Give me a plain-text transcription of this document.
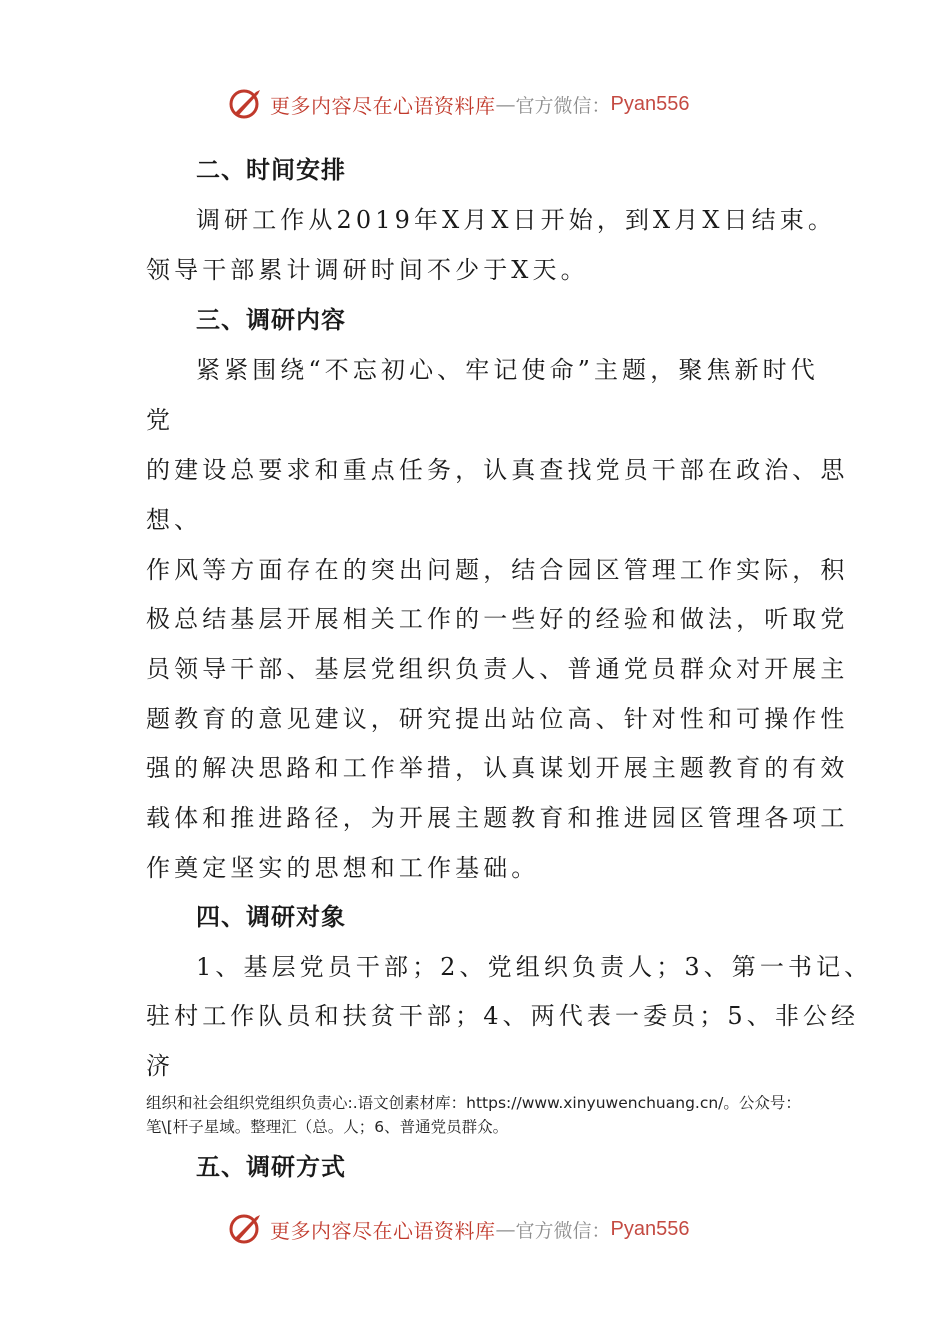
更多内容尽在心语资料库 — 官方微信： Pyan556
二、时间安排
调研工作从2019年X月X日开始，到X月X日结束。
领导干部累计调研时间不少于X天。
三、调研内容
紧紧围绕“不忘初心、牢记使命”主题，聚焦新时代
党
的建设总要求和重点任务，认真查找党员干部在政治、思
想、
作风等方面存在的突出问题，结合园区管理工作实际，积
极总结基层开展相关工作的一些好的经验和做法，听取党
员领导干部、基层党组织负责人、普通党员群众对开展主
题教育的意见建议，研究提出站位高、针对性和可操作性
强的解决思路和工作举措，认真谋划开展主题教育的有效
载体和推进路径，为开展主题教育和推进园区管理各项工
作奠定坚实的思想和工作基础。
四、调研对象
1、基层党员干部；2、党组织负责人；3、第一书记、
驻村工作队员和扶贫干部；4、两代表一委员；5、非公经
济
组织和社会组织党组织负责心:.语文创素材库：https://www.xinyuwenchuang.cn/。公众号：
笔\[杆子星域。整理汇（总。人；6、普通党员群众。
五、调研方式
更多内容尽在心语资料库 — 官方微信： Pyan556
